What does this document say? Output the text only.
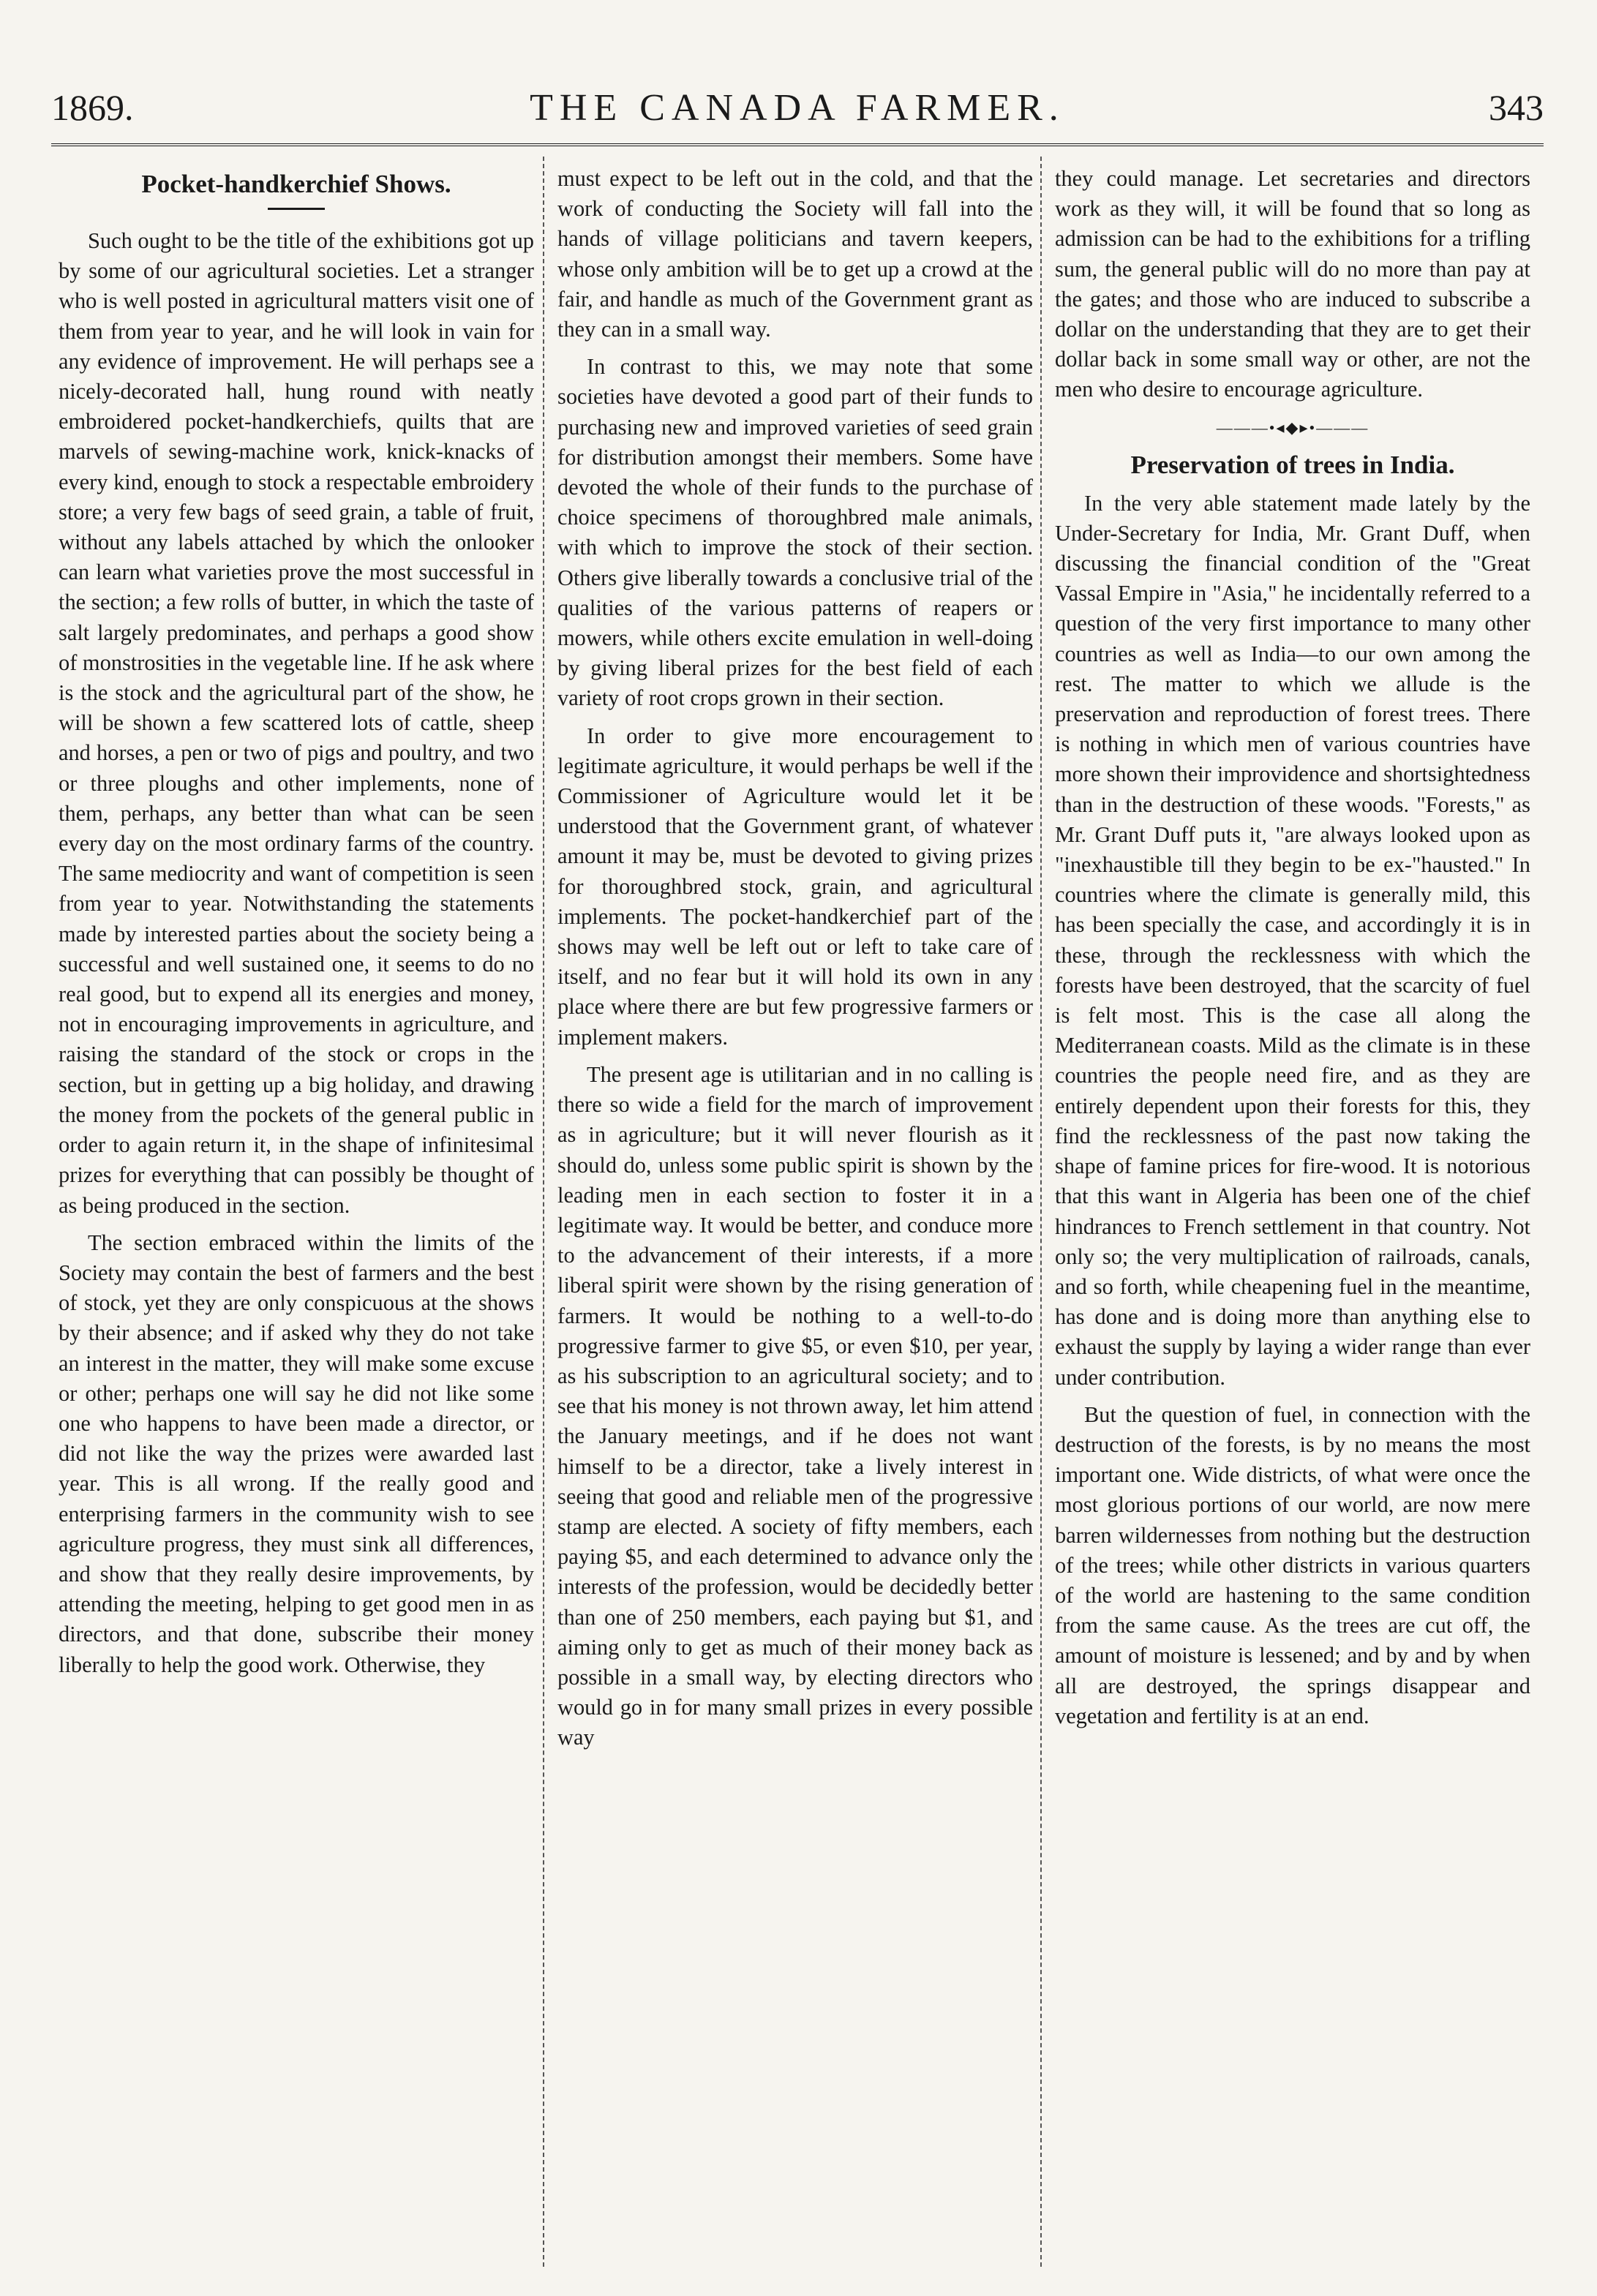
1869.	THE CANADA FARMER.	343
Pocket-handkerchief Shows.

Such ought to be the title of the exhibitions got up by some of our agricultural societies. Let a stranger who is well posted in agricultural matters visit one of them from year to year, and he will look in vain for any evidence of improvement. He will perhaps see a nicely-decorated hall, hung round with neatly embroidered pocket-handkerchiefs, quilts that are marvels of sewing-machine work, knick-knacks of every kind, enough to stock a respectable embroidery store; a very few bags of seed grain, a table of fruit, without any labels attached by which the onlooker can learn what varieties prove the most successful in the section; a few rolls of butter, in which the taste of salt largely predominates, and perhaps a good show of monstrosities in the vegetable line. If he ask where is the stock and the agricultural part of the show, he will be shown a few scattered lots of cattle, sheep and horses, a pen or two of pigs and poultry, and two or three ploughs and other implements, none of them, perhaps, any better than what can be seen every day on the most ordinary farms of the country. The same mediocrity and want of competition is seen from year to year. Notwithstanding the statements made by interested parties about the society being a successful and well sustained one, it seems to do no real good, but to expend all its energies and money, not in encouraging improvements in agriculture, and raising the standard of the stock or crops in the section, but in getting up a big holiday, and drawing the money from the pockets of the general public in order to again return it, in the shape of infinitesimal prizes for everything that can possibly be thought of as being produced in the section.

The section embraced within the limits of the Society may contain the best of farmers and the best of stock, yet they are only conspicuous at the shows by their absence; and if asked why they do not take an interest in the matter, they will make some excuse or other; perhaps one will say he did not like some one who happens to have been made a director, or did not like the way the prizes were awarded last year. This is all wrong. If the really good and enterprising farmers in the community wish to see agriculture progress, they must sink all differences, and show that they really desire improvements, by attending the meeting, helping to get good men in as directors, and that done, subscribe their money liberally to help the good work. Otherwise, they

must expect to be left out in the cold, and that the work of conducting the Society will fall into the hands of village politicians and tavern keepers, whose only ambition will be to get up a crowd at the fair, and handle as much of the Government grant as they can in a small way.

In contrast to this, we may note that some societies have devoted a good part of their funds to purchasing new and improved varieties of seed grain for distribution amongst their members. Some have devoted the whole of their funds to the purchase of choice specimens of thoroughbred male animals, with which to improve the stock of their section. Others give liberally towards a conclusive trial of the qualities of the various patterns of reapers or mowers, while others excite emulation in well-doing by giving liberal prizes for the best field of each variety of root crops grown in their section.

In order to give more encouragement to legitimate agriculture, it would perhaps be well if the Commissioner of Agriculture would let it be understood that the Government grant, of whatever amount it may be, must be devoted to giving prizes for thoroughbred stock, grain, and agricultural implements. The pocket-handkerchief part of the shows may well be left out or left to take care of itself, and no fear but it will hold its own in any place where there are but few progressive farmers or implement makers.

The present age is utilitarian and in no calling is there so wide a field for the march of improvement as in agriculture; but it will never flourish as it should do, unless some public spirit is shown by the leading men in each section to foster it in a legitimate way. It would be better, and conduce more to the advancement of their interests, if a more liberal spirit were shown by the rising generation of farmers. It would be nothing to a well-to-do progressive farmer to give $5, or even $10, per year, as his subscription to an agricultural society; and to see that his money is not thrown away, let him attend the January meetings, and if he does not want himself to be a director, take a lively interest in seeing that good and reliable men of the progressive stamp are elected. A society of fifty members, each paying $5, and each determined to advance only the interests of the profession, would be decidedly better than one of 250 members, each paying but $1, and aiming only to get as much of their money back as possible in a small way, by electing directors who would go in for many small prizes in every possible way

they could manage. Let secretaries and directors work as they will, it will be found that so long as admission can be had to the exhibitions for a trifling sum, the general public will do no more than pay at the gates; and those who are induced to subscribe a dollar on the understanding that they are to get their dollar back in some small way or other, are not the men who desire to encourage agriculture.

———•◂◆▸•———
Preservation of trees in India.

In the very able statement made lately by the Under-Secretary for India, Mr. Grant Duff, when discussing the financial condition of the "Great Vassal Empire in "Asia," he incidentally referred to a question of the very first importance to many other countries as well as India—to our own among the rest. The matter to which we allude is the preservation and reproduction of forest trees. There is nothing in which men of various countries have more shown their improvidence and shortsightedness than in the destruction of these woods. "Forests," as Mr. Grant Duff puts it, "are always looked upon as "inexhaustible till they begin to be ex-"hausted." In countries where the climate is generally mild, this has been specially the case, and accordingly it is in these, through the recklessness with which the forests have been destroyed, that the scarcity of fuel is felt most. This is the case all along the Mediterranean coasts. Mild as the climate is in these countries the people need fire, and as they are entirely dependent upon their forests for this, they find the recklessness of the past now taking the shape of famine prices for fire-wood. It is notorious that this want in Algeria has been one of the chief hindrances to French settlement in that country. Not only so; the very multiplication of railroads, canals, and so forth, while cheapening fuel in the meantime, has done and is doing more than anything else to exhaust the supply by laying a wider range than ever under contribution.

But the question of fuel, in connection with the destruction of the forests, is by no means the most important one. Wide districts, of what were once the most glorious portions of our world, are now mere barren wildernesses from nothing but the destruction of the trees; while other districts in various quarters of the world are hastening to the same condition from the same cause. As the trees are cut off, the amount of moisture is lessened; and by and by when all are destroyed, the springs disappear and vegetation and fertility is at an end.
